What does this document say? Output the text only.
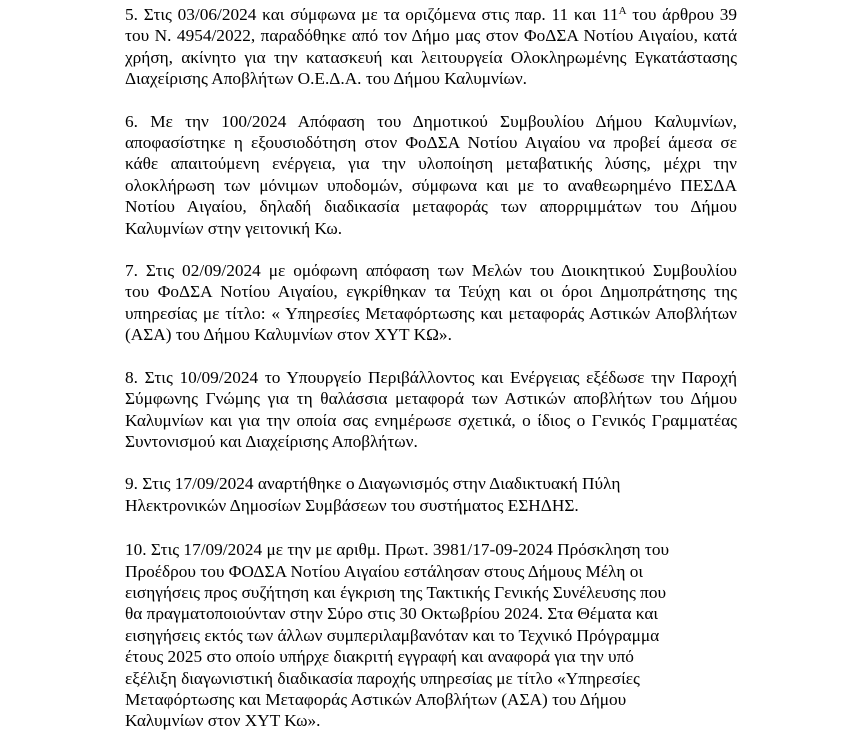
5. Στις 03/06/2024 και σύμφωνα με τα οριζόμενα στις παρ. 11 και $11^A$ του άρθρου 39
του Ν. 4954/2022, παραδόθηκε από τον Δήμο μας στον ΦοΔΣΑ Νοτίου Αιγαίου, κατά
χρήση, ακίνητο για την κατασκευή και λειτουργεία Ολοκληρωμένης Εγκατάστασης
Διαχείρισης Αποβλήτων Ο.Ε.Δ.Α. του Δήμου Καλυμνίων.
6. Με την 100/2024 Απόφαση του Δημοτικού Συμβουλίου Δήμου Καλυμνίων,
αποφασίστηκε η εξουσιοδότηση στον ΦοΔΣΑ Νοτίου Αιγαίου να προβεί άμεσα σε
κάθε απαιτούμενη ενέργεια, για την υλοποίηση μεταβατικής λύσης, μέχρι την
ολοκλήρωση των μόνιμων υποδομών, σύμφωνα και με το αναθεωρημένο ΠΕΣΔΑ
Νοτίου Αιγαίου, δηλαδή διαδικασία μεταφοράς των απορριμμάτων του Δήμου
Καλυμνίων στην γειτονική Κω.
7. Στις 02/09/2024 με ομόφωνη απόφαση των Μελών του Διοικητικού Συμβουλίου
του ΦοΔΣΑ Νοτίου Αιγαίου, εγκρίθηκαν τα Τεύχη και οι όροι Δημοπράτησης της
υπηρεσίας με τίτλο: « Υπηρεσίες Μεταφόρτωσης και μεταφοράς Αστικών Αποβλήτων
(ΑΣΑ) του Δήμου Καλυμνίων στον ΧΥΤ ΚΩ».
8. Στις 10/09/2024 το Υπουργείο Περιβάλλοντος και Ενέργειας εξέδωσε την Παροχή
Σύμφωνης Γνώμης για τη θαλάσσια μεταφορά των Αστικών αποβλήτων του Δήμου
Καλυμνίων και για την οποία σας ενημέρωσε σχετικά, ο ίδιος ο Γενικός Γραμματέας
Συντονισμού και Διαχείρισης Αποβλήτων.
9. Στις 17/09/2024 αναρτήθηκε ο Διαγωνισμός στην Διαδικτυακή Πύλη
Ηλεκτρονικών Δημοσίων Συμβάσεων του συστήματος ΕΣΗΔΗΣ.
10. Στις 17/09/2024 με την με αριθμ. Πρωτ. 3981/17-09-2024 Πρόσκληση του
Προέδρου του ΦΟΔΣΑ Νοτίου Αιγαίου εστάλησαν στους Δήμους Μέλη οι
εισηγήσεις προς συζήτηση και έγκριση της Τακτικής Γενικής Συνέλευσης που
θα πραγματοποιούνταν στην Σύρο στις 30 Οκτωβρίου 2024. Στα Θέματα και
εισηγήσεις εκτός των άλλων συμπεριλαμβανόταν και το Τεχνικό Πρόγραμμα
έτους 2025 στο οποίο υπήρχε διακριτή εγγραφή και αναφορά για την υπό
εξέλιξη διαγωνιστική διαδικασία παροχής υπηρεσίας με τίτλο «Υπηρεσίες
Μεταφόρτωσης και Μεταφοράς Αστικών Αποβλήτων (ΑΣΑ) του Δήμου
Καλυμνίων στον ΧΥΤ Κω».
